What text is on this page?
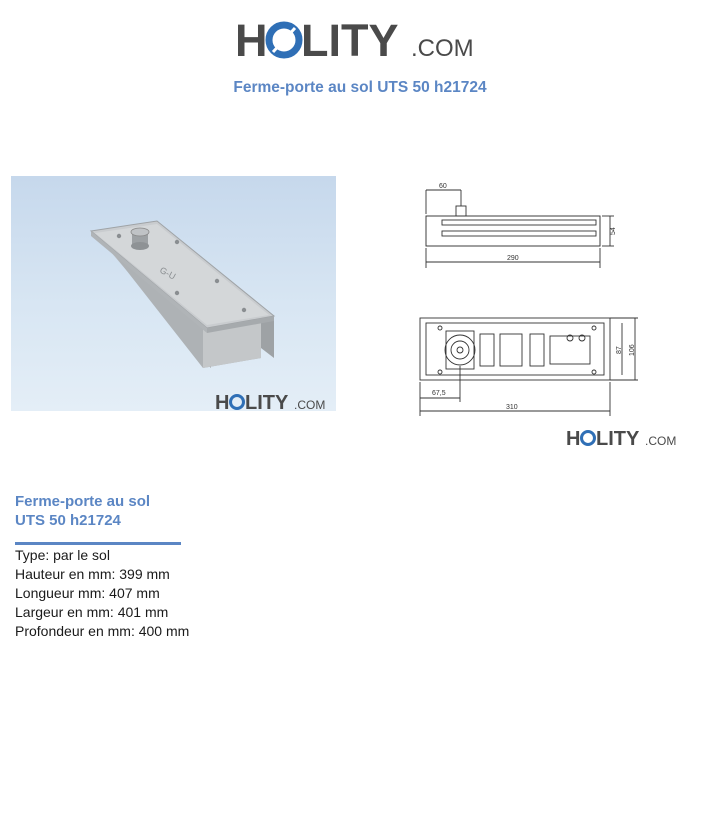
H LITY .COM
Ferme-porte au sol UTS 50 h21724
G-U
H LITY .COM
60
54
290
87 106
67,5
310
H LITY .COM
Ferme-porte au sol
UTS 50 h21724
Type: par le sol
Hauteur en mm: 399 mm
Longueur mm: 407 mm
Largeur en mm: 401 mm
Profondeur en mm: 400 mm
